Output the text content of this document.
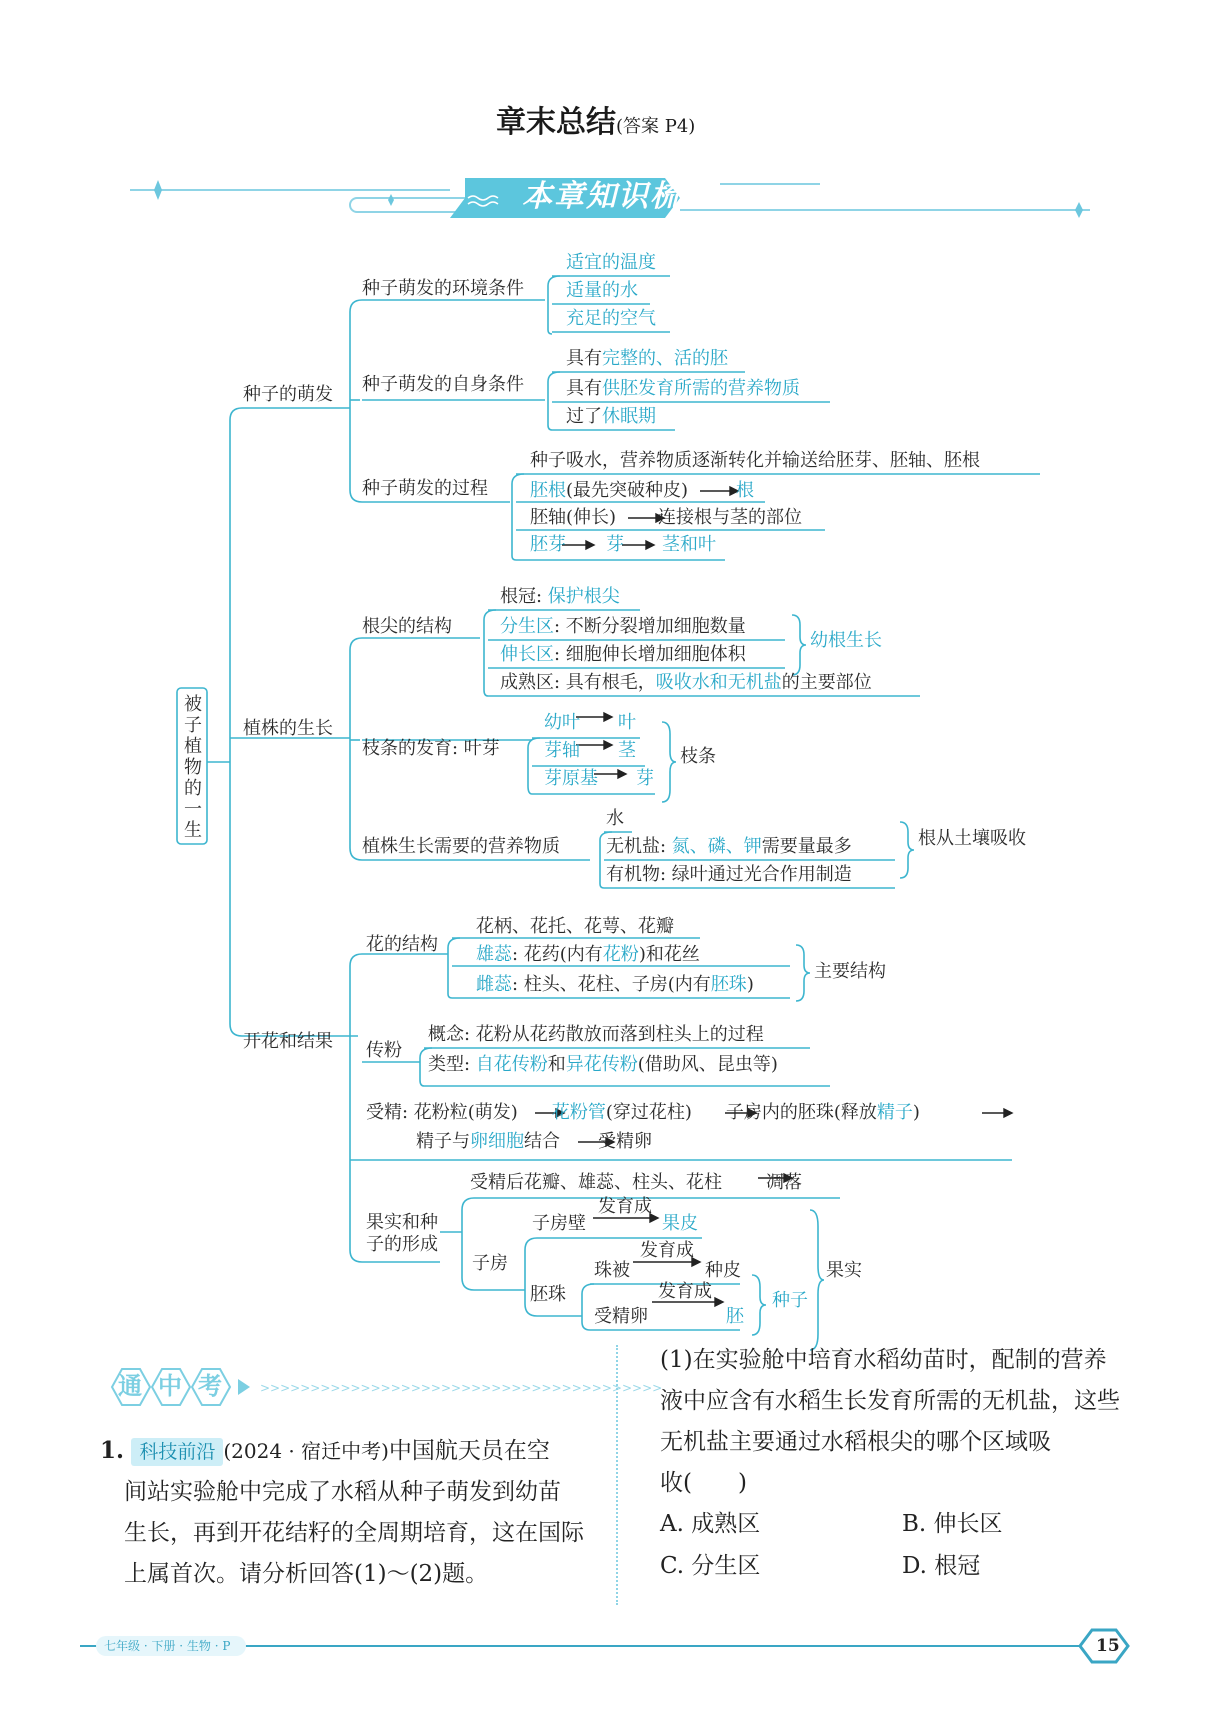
章末总结(答案 P4)
本章知识梳理
被
子
植
物
的
一
生
种子的萌发
种子萌发的环境条件
适宜的温度
适量的水
充足的空气
种子萌发的自身条件
具有完整的、活的胚
具有供胚发育所需的营养物质
过了休眠期
种子萌发的过程
种子吸水，营养物质逐渐转化并输送给胚芽、胚轴、胚根
胚根(最先突破种皮)	根
胚轴(伸长) 连接根与茎的部位
胚芽 芽 茎和叶
植株的生长
根尖的结构
根冠: 保护根尖
分生区: 不断分裂增加细胞数量
伸长区: 细胞伸长增加细胞体积
幼根生长
成熟区: 具有根毛，吸收水和无机盐的主要部位
枝条的发育: 叶芽
幼叶 叶
芽轴 茎
芽原基 芽
枝条
植株生长需要的营养物质
水
无机盐: 氮、磷、钾需要量最多
有机物: 绿叶通过光合作用制造
根从土壤吸收
开花和结果
花的结构
花柄、花托、花萼、花瓣
雄蕊: 花药(内有花粉)和花丝
雌蕊: 柱头、花柱、子房(内有胚珠)
主要结构
传粉
概念: 花粉从花药散放而落到柱头上的过程
类型: 自花传粉和异花传粉(借助风、昆虫等)
受精: 花粉粒(萌发) 花粉管(穿过花柱) 子房内的胚珠(释放精子)
精子与卵细胞结合 受精卵
果实和种
子的形成
受精后花瓣、雄蕊、柱头、花柱 凋落
子房
子房壁
发育成
果皮
胚珠
珠被
发育成
种皮
受精卵
发育成
胚
种子
果实
>>>>>>>>>>>>>>>>>>>>>>>>>>>>>>>>>>>>>>>>
通中考
1. 科技前沿 (2024 · 宿迁中考)中国航天员在空
间站实验舱中完成了水稻从种子萌发到幼苗
生长，再到开花结籽的全周期培育，这在国际
上属首次。请分析回答(1)～(2)题。
(1)在实验舱中培育水稻幼苗时，配制的营养
液中应含有水稻生长发育所需的无机盐，这些
无机盐主要通过水稻根尖的哪个区域吸
收(　　)
A. 成熟区	B. 伸长区
C. 分生区	D. 根冠
七年级 · 下册 · 生物 · P	15
